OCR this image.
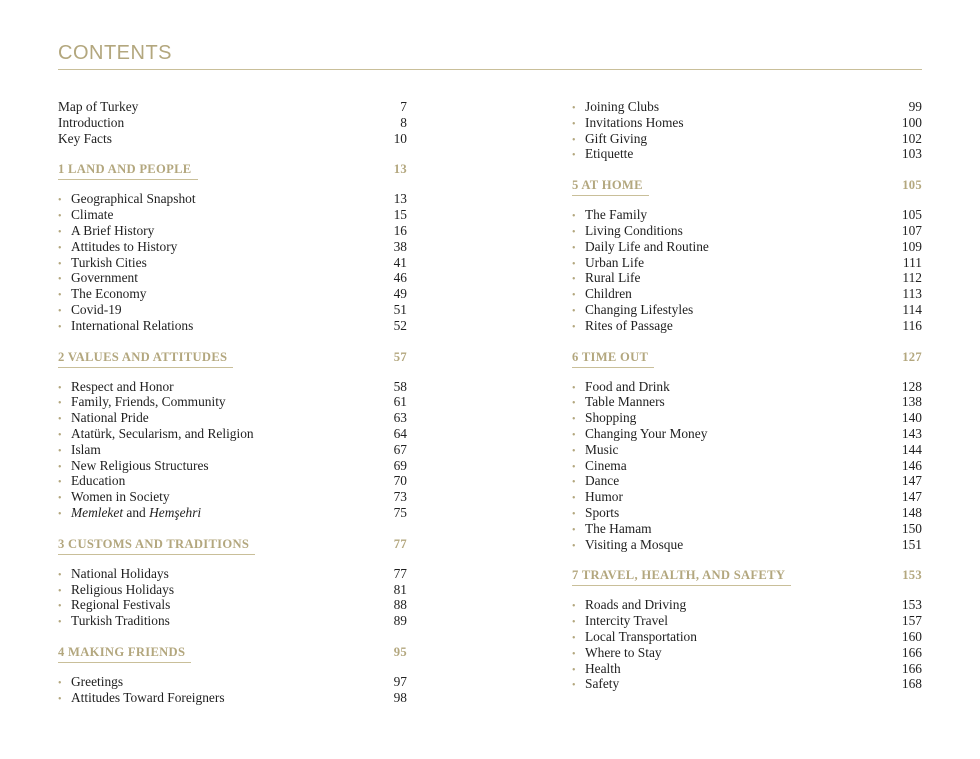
CONTENTS
Map of Turkey	7
Introduction	8
Key Facts	10
1 LAND AND PEOPLE	13
• Geographical Snapshot	13
• Climate	15
• A Brief History	16
• Attitudes to History	38
• Turkish Cities	41
• Government	46
• The Economy	49
• Covid-19	51
• International Relations	52
2 VALUES AND ATTITUDES	57
• Respect and Honor	58
• Family, Friends, Community	61
• National Pride	63
• Atatürk, Secularism, and Religion	64
• Islam	67
• New Religious Structures	69
• Education	70
• Women in Society	73
• Memleket and Hemşehri	75
3 CUSTOMS AND TRADITIONS	77
• National Holidays	77
• Religious Holidays	81
• Regional Festivals	88
• Turkish Traditions	89
4 MAKING FRIENDS	95
• Greetings	97
• Attitudes Toward Foreigners	98
• Joining Clubs	99
• Invitations Homes	100
• Gift Giving	102
• Etiquette	103
5 AT HOME	105
• The Family	105
• Living Conditions	107
• Daily Life and Routine	109
• Urban Life	111
• Rural Life	112
• Children	113
• Changing Lifestyles	114
• Rites of Passage	116
6 TIME OUT	127
• Food and Drink	128
• Table Manners	138
• Shopping	140
• Changing Your Money	143
• Music	144
• Cinema	146
• Dance	147
• Humor	147
• Sports	148
• The Hamam	150
• Visiting a Mosque	151
7 TRAVEL, HEALTH, AND SAFETY	153
• Roads and Driving	153
• Intercity Travel	157
• Local Transportation	160
• Where to Stay	166
• Health	166
• Safety	168
